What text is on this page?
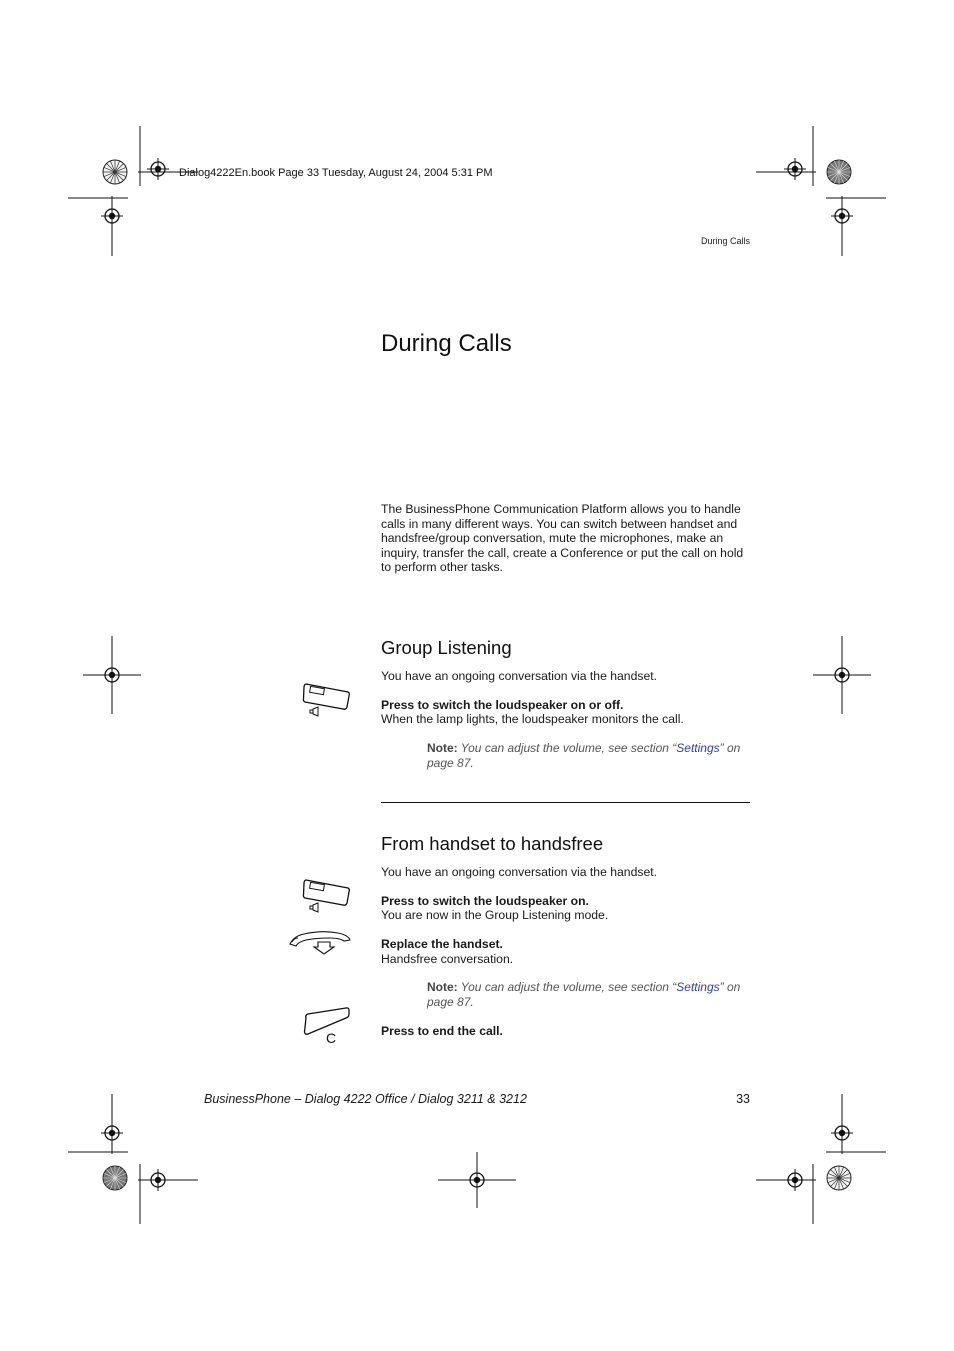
Dialog4222En.book Page 33 Tuesday, August 24, 2004 5:31 PM
During Calls
During Calls

The BusinessPhone Communication Platform allows you to handle calls in many different ways. You can switch between handset and handsfree/group conversation, mute the microphones, make an inquiry, transfer the call, create a Conference or put the call on hold to perform other tasks.

Group Listening

You have an ongoing conversation via the handset.

Press to switch the loudspeaker on or off.

When the lamp lights, the loudspeaker monitors the call.

Note: You can adjust the volume, see section “Settings” on page 87.
From handset to handsfree

You have an ongoing conversation via the handset.

Press to switch the loudspeaker on.

You are now in the Group Listening mode.

Replace the handset.

Handsfree conversation.

Note: You can adjust the volume, see section “Settings” on page 87.
C	Press to end the call.

BusinessPhone – Dialog 4222 Office / Dialog 3211 & 3212	33
